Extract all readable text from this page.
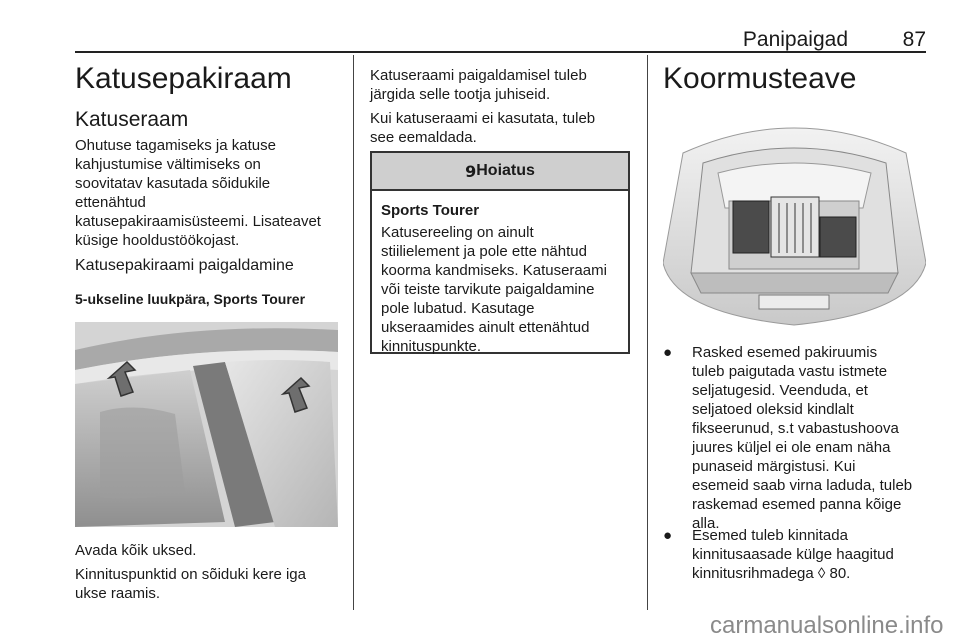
Panipaigad	87
Katusepakiraam
Katuseraam
Ohutuse tagamiseks ja katuse
kahjustumise vältimiseks on
soovitatav kasutada sõidukile
ettenähtud
katusepakiraamisüsteemi. Lisateavet
küsige hooldustöökojast.
Katusepakiraami paigaldamine
5-ukseline luukpära, Sports Tourer
Avada kõik uksed.
Kinnituspunktid on sõiduki kere iga
ukse raamis.
Katuseraami paigaldamisel tuleb
järgida selle tootja juhiseid.
Kui katuseraami ei kasutata, tuleb
see eemaldada.
9 Hoiatus
Sports Tourer
Katusereeling on ainult
stiilielement ja pole ette nähtud
koorma kandmiseks. Katuseraami
või teiste tarvikute paigaldamine
pole lubatud. Kasutage
ukseraamides ainult ettenähtud
kinnituspunkte.
Koormusteave
● Rasked esemed pakiruumis
tuleb paigutada vastu istmete
seljatugesid. Veenduda, et
seljatoed oleksid kindlalt
fikseerunud, s.t vabastushoova
juures küljel ei ole enam näha
punaseid märgistusi. Kui
esemeid saab virna laduda, tuleb
raskemad esemed panna kõige
alla.
● Esemed tuleb kinnitada
kinnitusaasade külge haagitud
kinnitusrihmadega ◊ 80.
carmanualsonline.info
